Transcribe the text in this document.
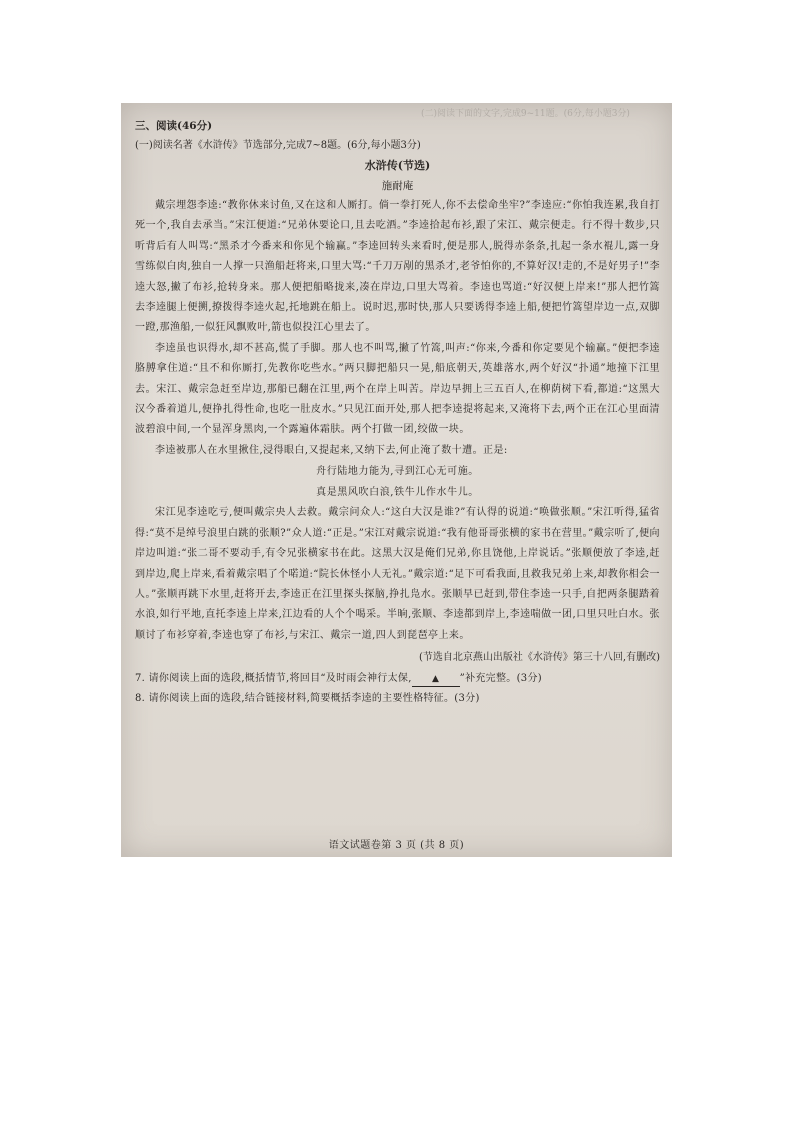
(二)阅读下面的文字,完成9~11题。(6分,每小题3分)
三、阅读(46分)
(一)阅读名著《水浒传》节选部分,完成7~8题。(6分,每小题3分)
水浒传(节选)
施耐庵

戴宗埋怨李逵:“教你休来讨鱼,又在这和人厮打。倘一拳打死人,你不去偿命坐牢?”李逵应:“你怕我连累,我自打死一个,我自去承当。”宋江便道:“兄弟休要论口,且去吃酒。”李逵拾起布衫,跟了宋江、戴宗便走。行不得十数步,只听背后有人叫骂:“黑杀才今番来和你见个输赢。”李逵回转头来看时,便是那人,脱得赤条条,扎起一条水裩儿,露一身雪练似白肉,独自一人撑一只渔船赶将来,口里大骂:“千刀万剐的黑杀才,老爷怕你的,不算好汉!走的,不是好男子!”李逵大怒,撇了布衫,抢转身来。那人便把船略拢来,凑在岸边,口里大骂着。李逵也骂道:“好汉便上岸来!”那人把竹篙去李逵腿上便搠,撩拨得李逵火起,托地跳在船上。说时迟,那时快,那人只要诱得李逵上船,便把竹篙望岸边一点,双脚一蹬,那渔船,一似狂风飘败叶,箭也似投江心里去了。

李逵虽也识得水,却不甚高,慌了手脚。那人也不叫骂,撇了竹篙,叫声:“你来,今番和你定要见个输赢。”便把李逵胳膊拿住道:“且不和你厮打,先教你吃些水。”两只脚把船只一晃,船底朝天,英雄落水,两个好汉“扑通”地撞下江里去。宋江、戴宗急赶至岸边,那船已翻在江里,两个在岸上叫苦。岸边早拥上三五百人,在柳荫树下看,都道:“这黑大汉今番着道儿,便挣扎得性命,也吃一肚皮水。”只见江面开处,那人把李逵提将起来,又淹将下去,两个正在江心里面清波碧浪中间,一个显浑身黑肉,一个露遍体霜肤。两个打做一团,绞做一块。

李逵被那人在水里揪住,浸得眼白,又提起来,又纳下去,何止淹了数十遭。正是:

舟行陆地力能为,寻到江心无可施。
真是黑风吹白浪,铁牛儿作水牛儿。

宋江见李逵吃亏,便叫戴宗央人去救。戴宗问众人:“这白大汉是谁?”有认得的说道:“唤做张顺。”宋江听得,猛省得:“莫不是绰号浪里白跳的张顺?”众人道:“正是。”宋江对戴宗说道:“我有他哥哥张横的家书在营里。”戴宗听了,便向岸边叫道:“张二哥不要动手,有令兄张横家书在此。这黑大汉是俺们兄弟,你且饶他,上岸说话。”张顺便放了李逵,赶到岸边,爬上岸来,看着戴宗唱了个喏道:“院长休怪小人无礼。”戴宗道:“足下可看我面,且救我兄弟上来,却教你相会一人。”张顺再跳下水里,赶将开去,李逵正在江里探头探脑,挣扎凫水。张顺早已赶到,带住李逵一只手,自把两条腿踏着水浪,如行平地,直托李逵上岸来,江边看的人个个喝采。半晌,张顺、李逵都到岸上,李逵喘做一团,口里只吐白水。张顺讨了布衫穿着,李逵也穿了布衫,与宋江、戴宗一道,四人到琵琶亭上来。

(节选自北京燕山出版社《水浒传》第三十八回,有删改)

7. 请你阅读上面的选段,概括情节,将回目“及时雨会神行太保, ▲ ”补充完整。(3分)

8. 请你阅读上面的选段,结合链接材料,简要概括李逵的主要性格特征。(3分)

语文试题卷第 3 页 (共 8 页)
